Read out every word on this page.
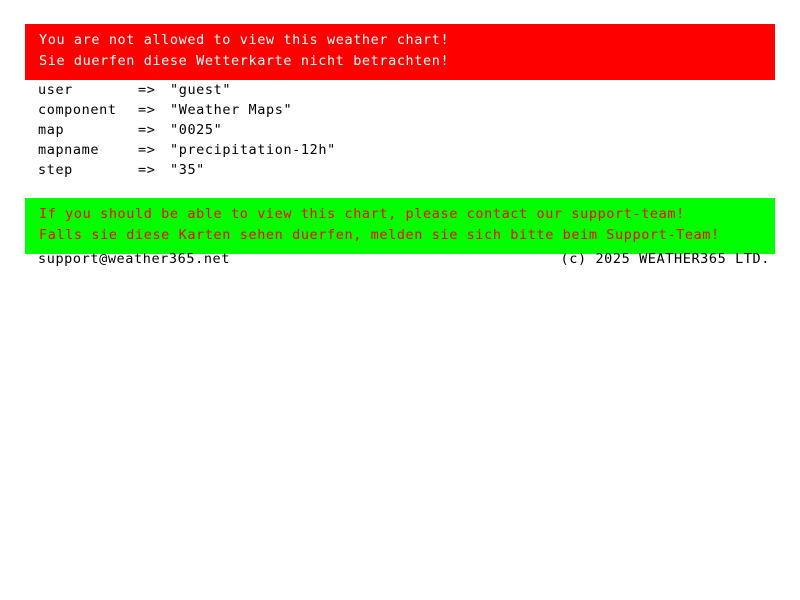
You are not allowed to view this weather chart!
Sie duerfen diese Wetterkarte nicht betrachten!
user	=>	"guest"
component	=>	"Weather Maps"
map	=>	"0025"
mapname	=>	"precipitation-12h"
step	=>	"35"
If you should be able to view this chart, please contact our support-team!
Falls sie diese Karten sehen duerfen, melden sie sich bitte beim Support-Team!
support@weather365.net	(c) 2025 WEATHER365 LTD.
